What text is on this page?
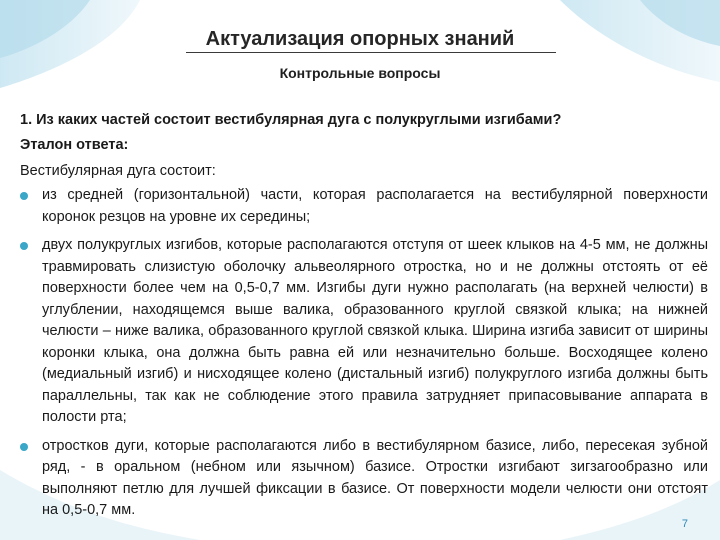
Актуализация опорных знаний
Контрольные вопросы
1. Из каких частей состоит вестибулярная дуга с полукруглыми изгибами?
Эталон ответа:
Вестибулярная дуга состоит:
из средней (горизонтальной) части, которая располагается на вестибулярной поверхности коронок резцов на уровне их середины;
двух полукруглых изгибов, которые располагаются отступя от шеек клыков на 4-5 мм, не должны травмировать слизистую оболочку альвеолярного отростка, но и не должны отстоять от её поверхности более чем на 0,5-0,7 мм. Изгибы дуги нужно располагать (на верхней челюсти) в углублении, находящемся выше валика, образованного круглой связкой клыка; на нижней челюсти – ниже валика, образованного круглой связкой клыка. Ширина изгиба зависит от ширины коронки клыка, она должна быть равна ей или незначительно больше. Восходящее колено (медиальный изгиб) и нисходящее колено (дистальный изгиб) полукруглого изгиба должны быть параллельны, так как не соблюдение этого правила затрудняет припасовывание аппарата в полости рта;
отростков дуги, которые располагаются либо в вестибулярном базисе, либо, пересекая зубной ряд, - в оральном (небном или язычном) базисе. Отростки изгибают зигзагообразно или выполняют петлю для лучшей фиксации в базисе. От поверхности модели челюсти они отстоят на 0,5-0,7 мм.
7
